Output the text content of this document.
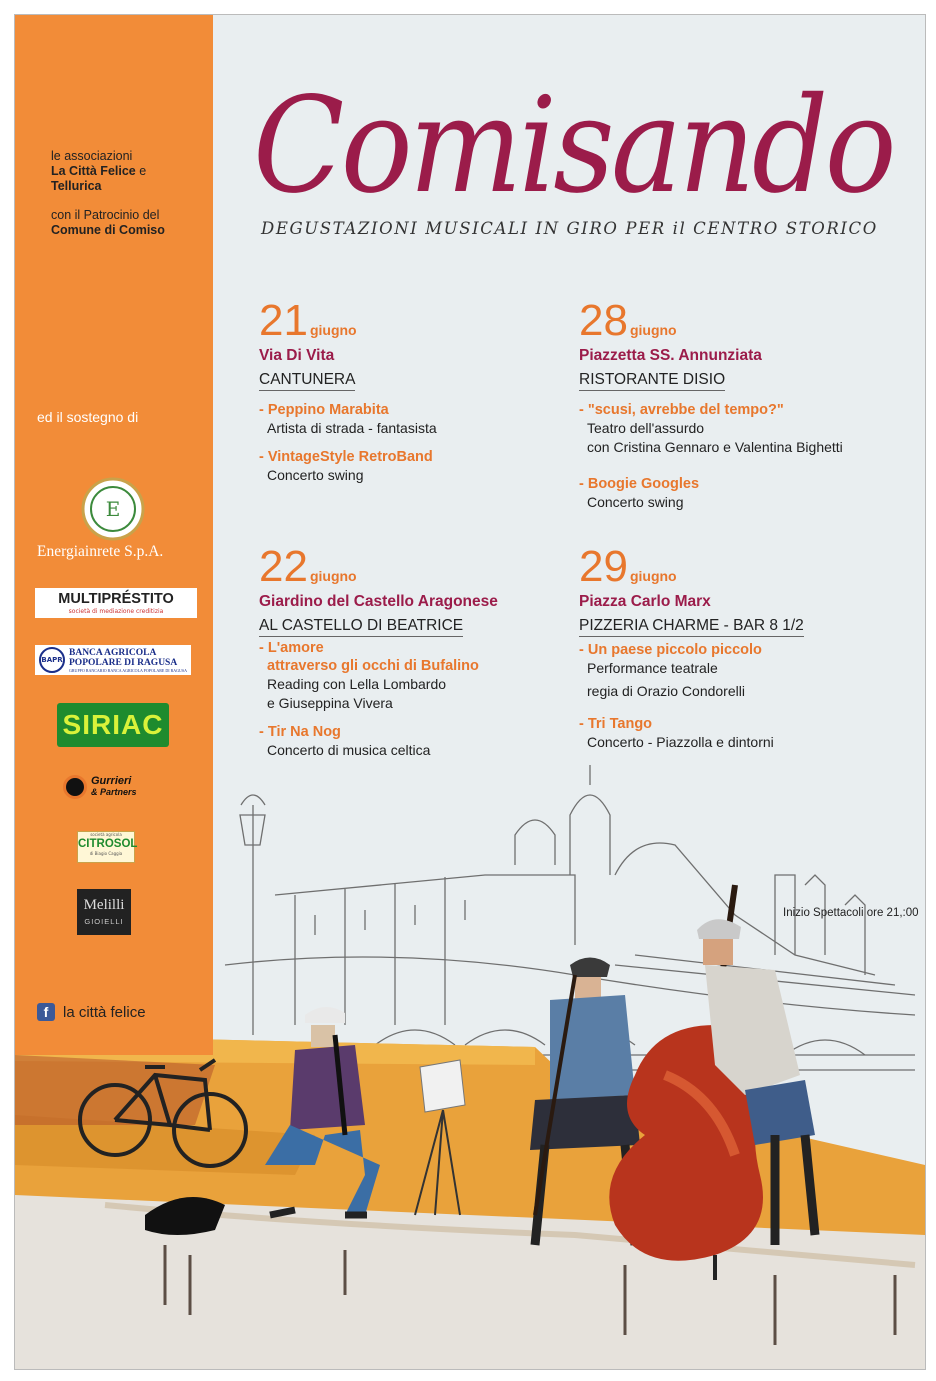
le associazioni
La Città Felice e
Tellurica
con il Patrocinio del
Comune di Comiso
ed il sostegno di
E
Energiainrete S.p.A.
MULTIPRÉSTITO
società di mediazione creditizia
BAPR
BANCA AGRICOLA
POPOLARE DI RAGUSA
GRUPPO BANCARIO BANCA AGRICOLA POPOLARE DI RAGUSA
SIRIAC
Gurrieri
& Partners
società agricola
CITROSOL
di Biagio Caggia
Melilli
GIOIELLI
f la città felice
Comisando
DEGUSTAZIONI MUSICALI IN GIRO PER il CENTRO STORICO
21 giugno
Via Di Vita
CANTUNERA
- Peppino Marabita
Artista di strada - fantasista
- VintageStyle RetroBand
Concerto swing
28 giugno
Piazzetta SS. Annunziata
RISTORANTE DISIO
- "scusi, avrebbe del tempo?"
Teatro dell'assurdo
con Cristina Gennaro e Valentina Bighetti
- Boogie Googles
Concerto swing
22 giugno
Giardino del Castello Aragonese
AL CASTELLO DI BEATRICE
- L'amore
attraverso gli occhi di Bufalino
Reading con Lella Lombardo
e Giuseppina Vivera
- Tir Na Nog
Concerto di musica celtica
29 giugno
Piazza Carlo Marx
PIZZERIA CHARME - BAR 8 1/2
- Un paese piccolo piccolo
Performance teatrale
regia di Orazio Condorelli
- Tri Tango
Concerto - Piazzolla e dintorni
Inizio Spettacoli ore 21,:00
